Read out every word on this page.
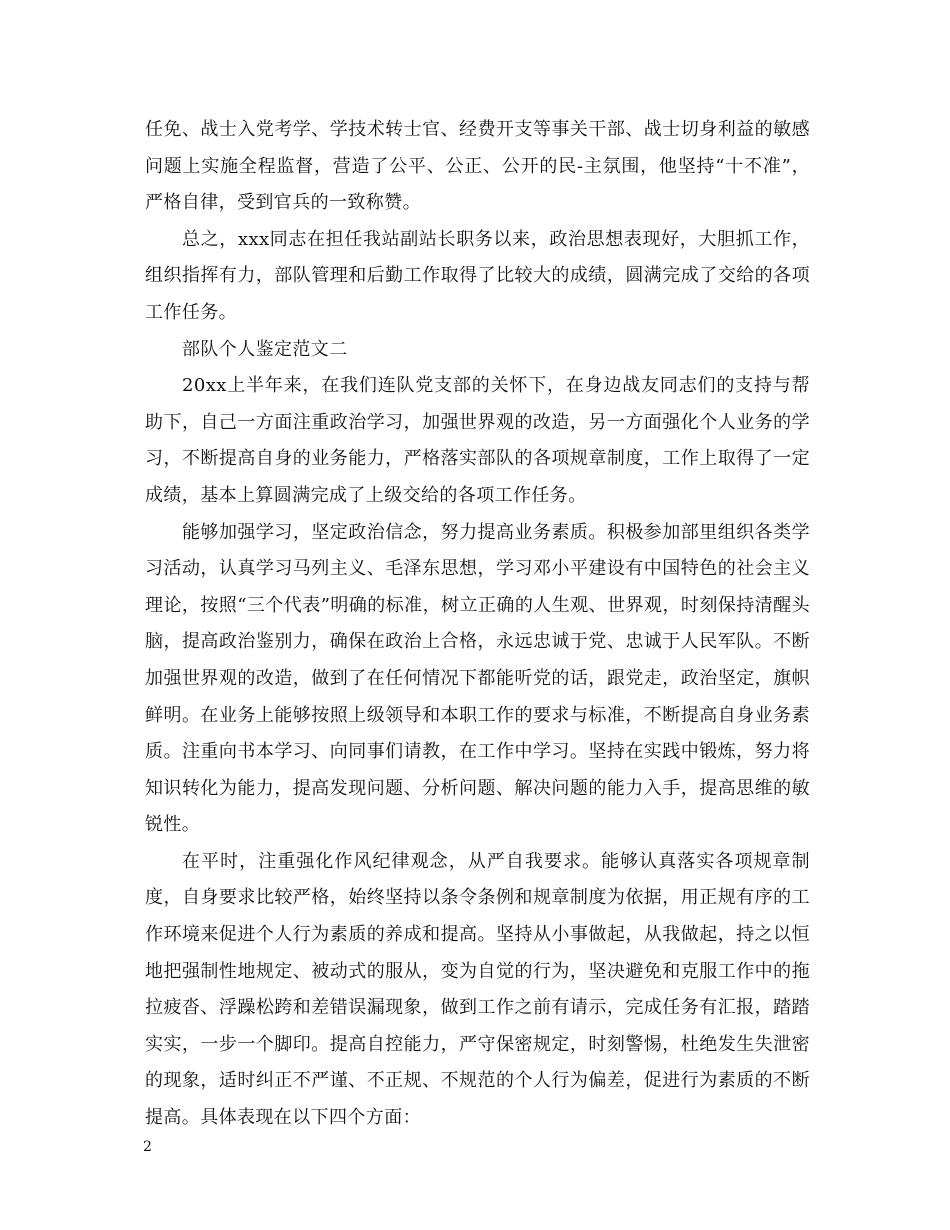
任免、战士入党考学、学技术转士官、经费开支等事关干部、战士切身利益的敏感问题上实施全程监督，营造了公平、公正、公开的民-主氛围，他坚持“十不准”，严格自律，受到官兵的一致称赞。

总之，xxx同志在担任我站副站长职务以来，政治思想表现好，大胆抓工作，组织指挥有力，部队管理和后勤工作取得了比较大的成绩，圆满完成了交给的各项工作任务。

部队个人鉴定范文二

20xx上半年来，在我们连队党支部的关怀下，在身边战友同志们的支持与帮助下，自己一方面注重政治学习，加强世界观的改造，另一方面强化个人业务的学习，不断提高自身的业务能力，严格落实部队的各项规章制度，工作上取得了一定成绩，基本上算圆满完成了上级交给的各项工作任务。

能够加强学习，坚定政治信念，努力提高业务素质。积极参加部里组织各类学习活动，认真学习马列主义、毛泽东思想，学习邓小平建设有中国特色的社会主义理论，按照“三个代表”明确的标准，树立正确的人生观、世界观，时刻保持清醒头脑，提高政治鉴别力，确保在政治上合格，永远忠诚于党、忠诚于人民军队。不断加强世界观的改造，做到了在任何情况下都能听党的话，跟党走，政治坚定，旗帜鲜明。在业务上能够按照上级领导和本职工作的要求与标准，不断提高自身业务素质。注重向书本学习、向同事们请教，在工作中学习。坚持在实践中锻炼，努力将知识转化为能力，提高发现问题、分析问题、解决问题的能力入手，提高思维的敏锐性。

在平时，注重强化作风纪律观念，从严自我要求。能够认真落实各项规章制度，自身要求比较严格，始终坚持以条令条例和规章制度为依据，用正规有序的工作环境来促进个人行为素质的养成和提高。坚持从小事做起，从我做起，持之以恒地把强制性地规定、被动式的服从，变为自觉的行为，坚决避免和克服工作中的拖拉疲沓、浮躁松跨和差错误漏现象，做到工作之前有请示，完成任务有汇报，踏踏实实，一步一个脚印。提高自控能力，严守保密规定，时刻警惕，杜绝发生失泄密的现象，适时纠正不严谨、不正规、不规范的个人行为偏差，促进行为素质的不断提高。具体表现在以下四个方面：

2
